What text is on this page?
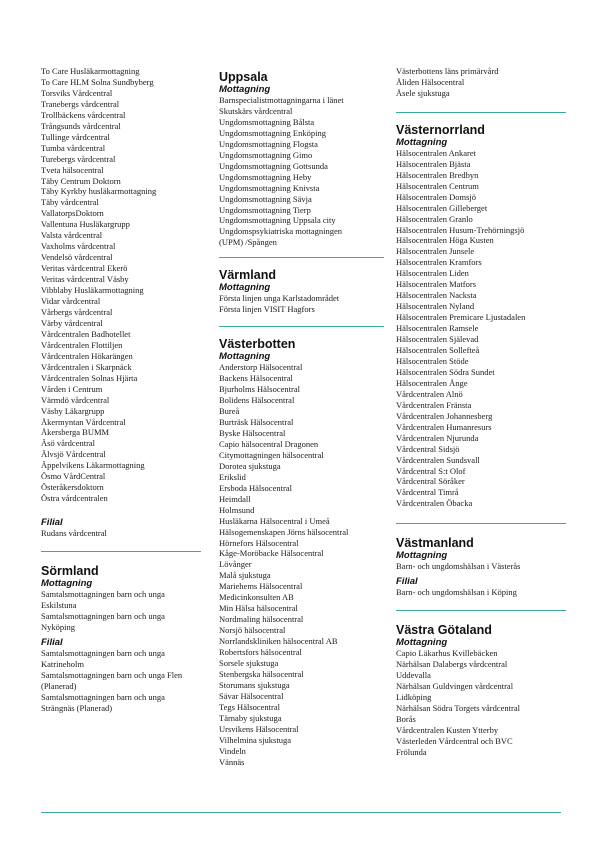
To Care Husläkarmottagning
To Care HLM Solna Sundbyberg
Torsviks Vårdcentral
Tranebergs vårdcentral
Trollbäckens vårdcentral
Trångsunds vårdcentral
Tullinge vårdcentral
Tumba vårdcentral
Turebergs vårdcentral
Tveta hälsocentral
Täby Centrum Doktorn
Täby Kyrkby husläkarmottagning
Täby vårdcentral
VallatorpsDoktorn
Vallentuna Husläkargrupp
Valsta vårdcentral
Vaxholms vårdcentral
Vendelsö vårdcentral
Veritas vårdcentral Ekerö
Veritas vårdcentral Väsby
Vibblaby Husläkarmottagning
Vidar vårdcentral
Vårbergs vårdcentral
Värby vårdcentral
Vårdcentralen Badhotellet
Vårdcentralen Flottiljen
Vårdcentralen Hökarängen
Vårdcentralen i Skarpnäck
Vårdcentralen Solnas Hjärta
Vården i Centrum
Värmdö vårdcentral
Väsby Läkargrupp
Åkermyntan Vårdcentral
Åkersberga BUMM
Äsö vårdcentral
Älvsjö Vårdcentral
Äppelvikens Läkarmottagning
Ösmo VårdCentral
Österåkersdoktorn
Östra vårdcentralen
Filial
Rudans vårdcentral
Sörmland
Mottagning
Samtalsmottagningen barn och unga
Eskilstuna
Samtalsmottagningen barn och unga
Nyköping
Filial
Samtalsmottagningen barn och unga
Katrineholm
Samtalsmottagningen barn och unga Flen
(Planerad)
Samtalsmottagningen barn och unga
Strängnäs (Planerad)
Uppsala
Mottagning
Barnspecialistmottagningarna i länet
Skutskärs vårdcentral
Ungdomsmottagning Bålsta
Ungdomsmottagning Enköping
Ungdomsmottagning Flogsta
Ungdomsmottagning Gimo
Ungdomsmottagning Gottsunda
Ungdomsmottagning Heby
Ungdomsmottagning Knivsta
Ungdomsmottagning Sävja
Ungdomsmottagning Tierp
Ungdomsmottagning Uppsala city
Ungdomspsykiatriska mottagningen
(UPM) /Spången
Värmland
Mottagning
Första linjen unga Karlstadområdet
Första linjen VISIT Hagfors
Västerbotten
Mottagning
Anderstorp Hälsocentral
Backens Hälsocentral
Bjurholms Hälsocentral
Bolidens Hälsocentral
Bureå
Burträsk Hälsocentral
Byske Hälsocentral
Capio hälsocentral Dragonen
Citymottagningen hälsocentral
Dorotea sjukstuga
Erikslid
Ersboda Hälsocentral
Heimdall
Holmsund
Husläkarna Hälsocentral i Umeå
Hälsogemenskapen Jörns hälsocentral
Hörnefors Hälsocentral
Kåge-Moröbacke Hälsocentral
Lövånger
Malå sjukstuga
Mariehems Hälsocentral
Medicinkonsulten AB
Min Hälsa hälsocentral
Nordmaling hälsocentral
Norsjö hälsocentral
Norrlandskliniken hälsocentral AB
Robertsfors hälsocentral
Sorsele sjukstuga
Stenbergska hälsocentral
Storumans sjukstuga
Sävar Hälsocentral
Tegs Hälsocentral
Tärnaby sjukstuga
Ursvikens Hälsocentral
Vilhelmina sjukstuga
Vindeln
Vännäs
Västerbottens läns primärvård
Åliden Hälsocentral
Åsele sjukstuga
Västernorrland
Mottagning
Hälsocentralen Ankaret
Hälsocentralen Bjästa
Hälsocentralen Bredbyn
Hälsocentralen Centrum
Hälsocentralen Domsjö
Hälsocentralen Gilleberget
Hälsocentralen Granlo
Hälsocentralen Husum-Trehörningsjö
Hälsocentralen Höga Kusten
Hälsocentralen Junsele
Hälsocentralen Kramfors
Hälsocentralen Liden
Hälsocentralen Matfors
Hälsocentralen Nacksta
Hälsocentralen Nyland
Hälsocentralen Premicare Ljustadalen
Hälsocentralen Ramsele
Hälsocentralen Själevad
Hälsocentralen Sollefteå
Hälsocentralen Stöde
Hälsocentralen Södra Sundet
Hälsocentralen Ånge
Vårdcentralen Alnö
Vårdcentralen Fränsta
Vårdcentralen Johannesberg
Vårdcentralen Humanresurs
Vårdcentralen Njurunda
Vårdcentral Sidsjö
Vårdcentralen Sundsvall
Vårdcentral S:t Olof
Vårdcentral Söråker
Vårdcentral Timrå
Vårdcentralen Öbacka
Västmanland
Mottagning
Barn- och ungdomshälsan i Västerås
Filial
Barn- och ungdomshälsan i Köping
Västra Götaland
Mottagning
Capio Läkarhus Kvillebäcken
Närhälsan Dalabergs vårdcentral
Uddevalla
Närhälsan Guldvingen vårdcentral
Lidköping
Närhälsan Södra Torgets vårdcentral
Borås
Vårdcentralen Kusten Ytterby
Västerleden Vårdcentral och BVC
Frölunda
